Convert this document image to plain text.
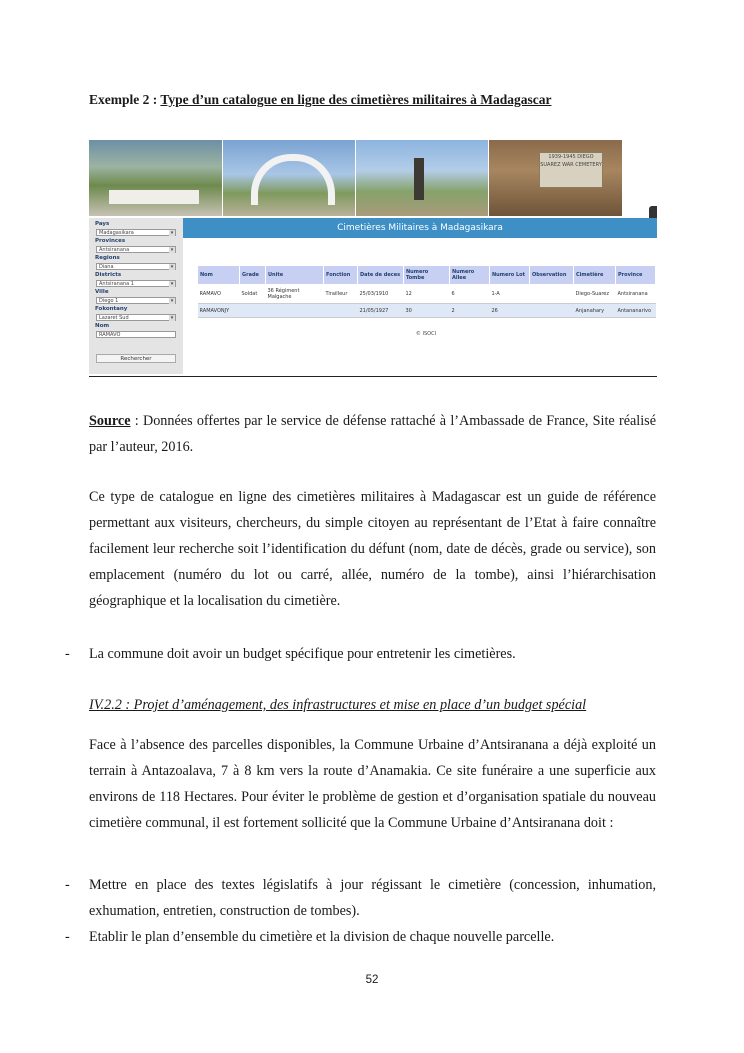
Exemple 2 : Type d’un catalogue en ligne des cimetières militaires à Madagascar
1939-1945 DIEGO SUAREZ WAR CEMETERY
Pays
Madagasikara ▾
Provinces
Antsiranana ▾
Regions
Diana ▾
Districts
Antsiranana 1 ▾
Ville
Diego 1 ▾
Fokontany
Lazaret Sud ▾
Nom
RAMAVO
Rechercher
Cimetières Militaires à Madagasikara
Nom	Grade	Unite	Fonction	Date de deces	Numero Tombe	Numero Allee	Numero Lot	Observation	Cimetière	Province
RAMAVO	Soldat	36 Régiment Malgache	Tirailleur	25/03/1910	12	6	1-A		Diego-Suarez	Antsiranana
RAMAVONJY				21/05/1927	30	2	26		Anjanahary	Antananarivo
© ISOCI
Source : Données offertes par le service de défense rattaché à l’Ambassade de France, Site réalisé par l’auteur, 2016.
Ce type de catalogue en ligne des cimetières militaires à Madagascar est un guide de référence permettant aux visiteurs, chercheurs, du simple citoyen au représentant de l’Etat à faire connaître facilement leur recherche soit l’identification du défunt (nom, date de décès, grade ou service), son emplacement (numéro du lot ou carré, allée, numéro de la tombe), ainsi l’hiérarchisation géographique et la localisation du cimetière.
- La commune doit avoir un budget spécifique pour entretenir les cimetières.
IV.2.2 : Projet d’aménagement, des infrastructures et mise en place d’un budget spécial
Face à l’absence des parcelles disponibles, la Commune Urbaine d’Antsiranana a déjà exploité un terrain à Antazoalava, 7 à 8 km vers la route d’Anamakia. Ce site funéraire a une superficie aux environs de 118 Hectares. Pour éviter le problème de gestion et d’organisation spatiale du nouveau cimetière communal, il est fortement sollicité que la Commune Urbaine d’Antsiranana doit :
- Mettre en place des textes législatifs à jour régissant le cimetière (concession, inhumation, exhumation, entretien, construction de tombes).
- Etablir le plan d’ensemble du cimetière et la division de chaque nouvelle parcelle.
52
